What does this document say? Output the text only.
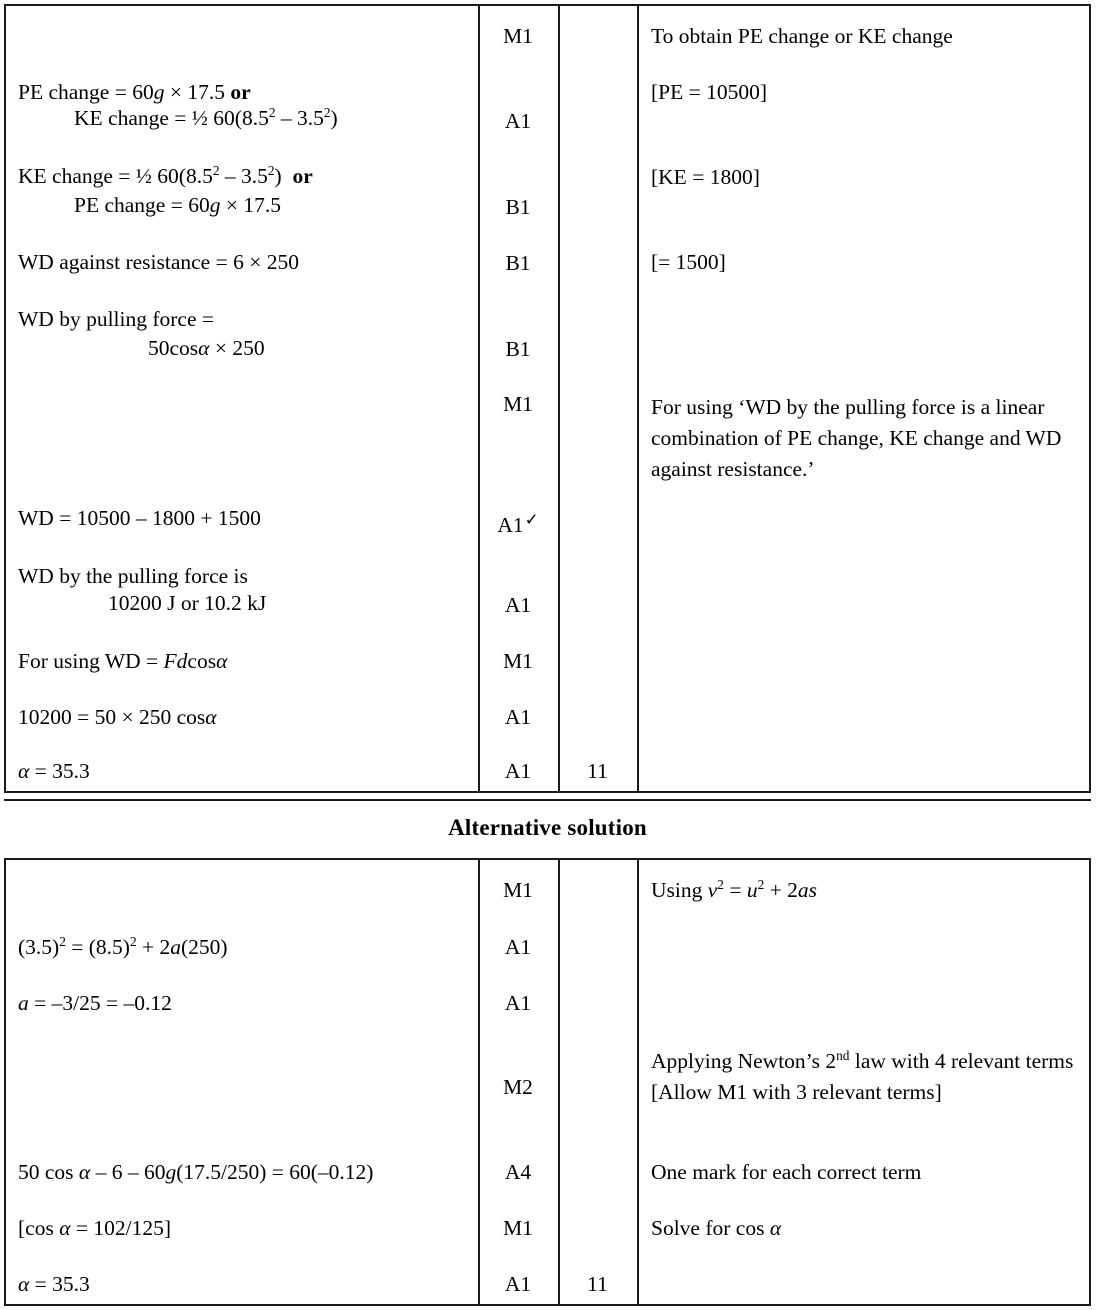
PE change = 60g × 17.5 or
KE change = ½ $60(8.5^2 - 3.5^2)$
KE change = ½ $60(8.5^2 - 3.5^2)$  or
PE change = 60g × 17.5
WD against resistance = 6 × 250
WD by pulling force =
50cosα × 250
WD = 10500 – 1800 + 1500
WD by the pulling force is
10200 J or 10.2 kJ
For using WD = Fdcosα
10200 = 50 × 250 cosα
α = 35.3
M1
A1
B1
B1
B1
M1
A1✓
A1
M1
A1
A1	11
To obtain PE change or KE change
[PE = 10500]
[KE = 1800]
[= 1500]
For using ‘WD by the pulling force is a linear combination of PE change, KE change and WD against resistance.’
Alternative solution
$(3.5)^2 = (8.5)^2 + 2a(250)$
a = –3/25 = –0.12
50 cos α – 6 – 60g(17.5/250) = 60(–0.12)
[cos α = 102/125]
α = 35.3
M1
A1
A1
M2
A4
M1
A1	11
Using $v^2 = u^2 + 2as$
Applying Newton’s 2nd law with 4 relevant terms [Allow M1 with 3 relevant terms]
One mark for each correct term
Solve for cos α
